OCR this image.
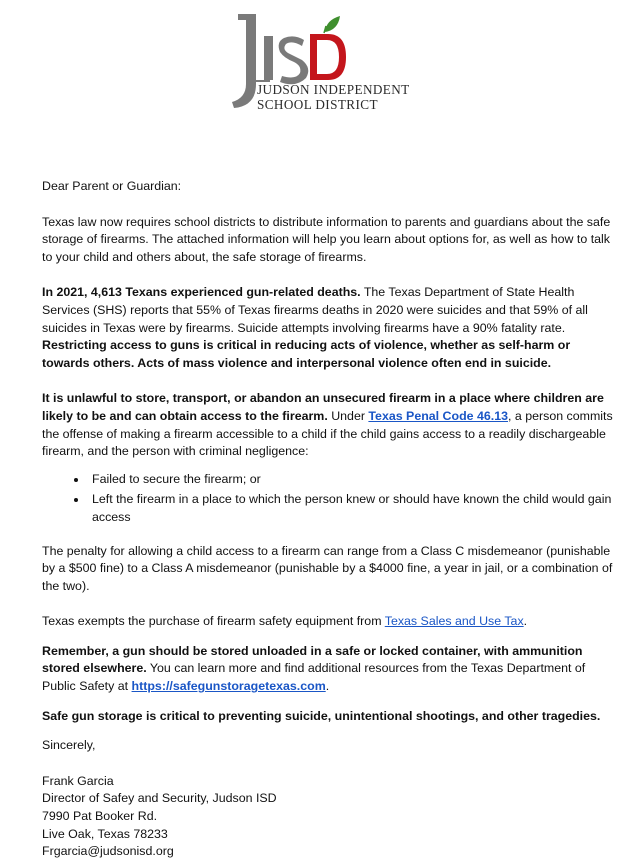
JUDSON INDEPENDENT
SCHOOL DISTRICT

Dear Parent or Guardian:

Texas law now requires school districts to distribute information to parents and guardians about the safe storage of firearms. The attached information will help you learn about options for, as well as how to talk to your child and others about, the safe storage of firearms.

In 2021, 4,613 Texans experienced gun-related deaths. The Texas Department of State Health Services (SHS) reports that 55% of Texas firearms deaths in 2020 were suicides and that 59% of all suicides in Texas were by firearms. Suicide attempts involving firearms have a 90% fatality rate. Restricting access to guns is critical in reducing acts of violence, whether as self-harm or towards others. Acts of mass violence and interpersonal violence often end in suicide.

It is unlawful to store, transport, or abandon an unsecured firearm in a place where children are likely to be and can obtain access to the firearm. Under Texas Penal Code 46.13, a person commits the offense of making a firearm accessible to a child if the child gains access to a readily dischargeable firearm, and the person with criminal negligence:

• Failed to secure the firearm; or
• Left the firearm in a place to which the person knew or should have known the child would gain access

The penalty for allowing a child access to a firearm can range from a Class C misdemeanor (punishable by a $500 fine) to a Class A misdemeanor (punishable by a $4000 fine, a year in jail, or a combination of the two).

Texas exempts the purchase of firearm safety equipment from Texas Sales and Use Tax.

Remember, a gun should be stored unloaded in a safe or locked container, with ammunition stored elsewhere. You can learn more and find additional resources from the Texas Department of Public Safety at https://safegunstoragetexas.com.

Safe gun storage is critical to preventing suicide, unintentional shootings, and other tragedies.

Sincerely,

Frank Garcia

Director of Safey and Security, Judson ISD

7990 Pat Booker Rd.

Live Oak, Texas 78233

Frgarcia@judsonisd.org
